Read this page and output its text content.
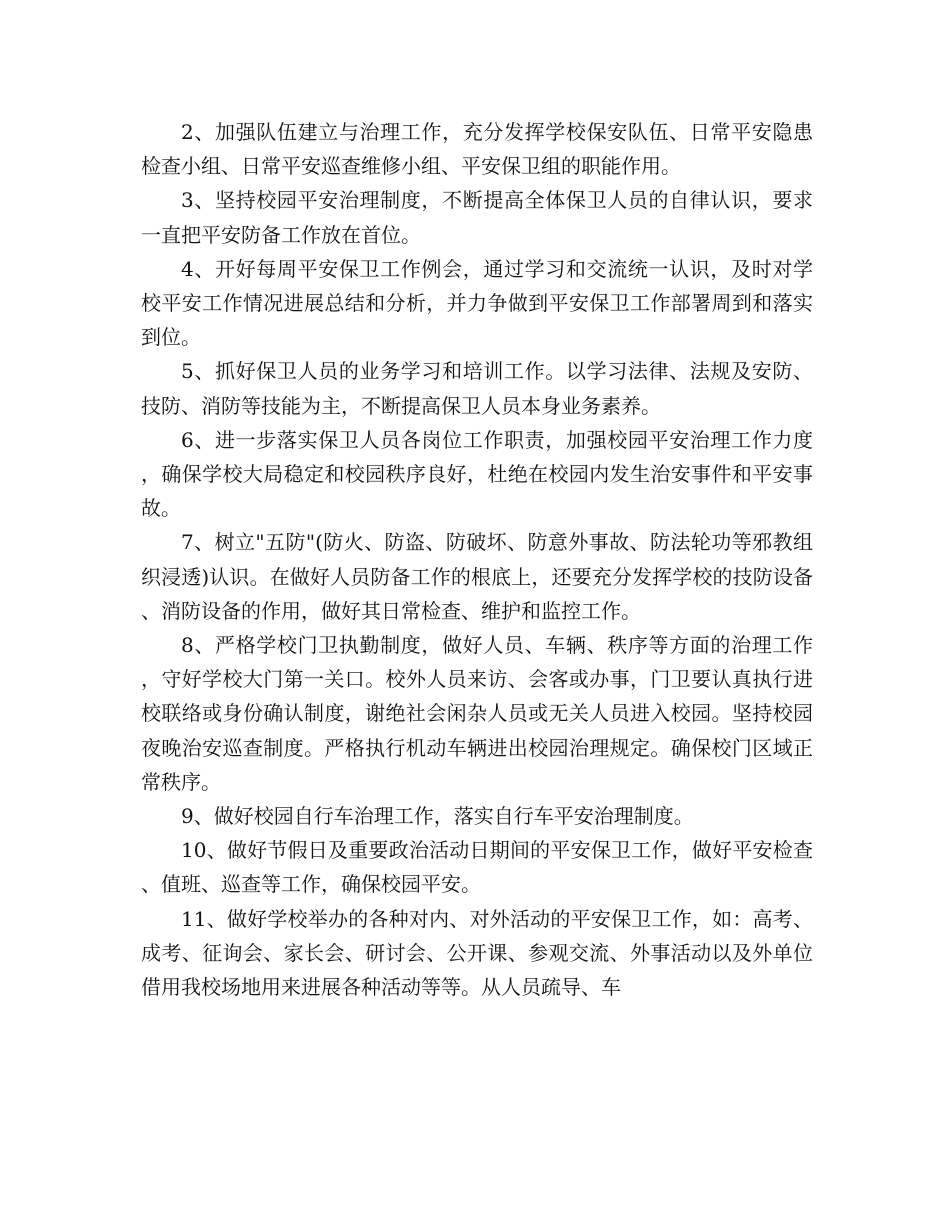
2、加强队伍建立与治理工作，充分发挥学校保安队伍、日常平安隐患检查小组、日常平安巡查维修小组、平安保卫组的职能作用。

3、坚持校园平安治理制度，不断提高全体保卫人员的自律认识，要求一直把平安防备工作放在首位。

4、开好每周平安保卫工作例会，通过学习和交流统一认识，及时对学校平安工作情况进展总结和分析，并力争做到平安保卫工作部署周到和落实到位。

5、抓好保卫人员的业务学习和培训工作。以学习法律、法规及安防、技防、消防等技能为主，不断提高保卫人员本身业务素养。

6、进一步落实保卫人员各岗位工作职责，加强校园平安治理工作力度，确保学校大局稳定和校园秩序良好，杜绝在校园内发生治安事件和平安事故。

7、树立"五防"(防火、防盗、防破坏、防意外事故、防法轮功等邪教组织浸透)认识。在做好人员防备工作的根底上，还要充分发挥学校的技防设备、消防设备的作用，做好其日常检查、维护和监控工作。

8、严格学校门卫执勤制度，做好人员、车辆、秩序等方面的治理工作，守好学校大门第一关口。校外人员来访、会客或办事，门卫要认真执行进校联络或身份确认制度，谢绝社会闲杂人员或无关人员进入校园。坚持校园夜晚治安巡查制度。严格执行机动车辆进出校园治理规定。确保校门区域正常秩序。

9、做好校园自行车治理工作，落实自行车平安治理制度。

10、做好节假日及重要政治活动日期间的平安保卫工作，做好平安检查、值班、巡查等工作，确保校园平安。

11、做好学校举办的各种对内、对外活动的平安保卫工作，如：高考、成考、征询会、家长会、研讨会、公开课、参观交流、外事活动以及外单位借用我校场地用来进展各种活动等等。从人员疏导、车
